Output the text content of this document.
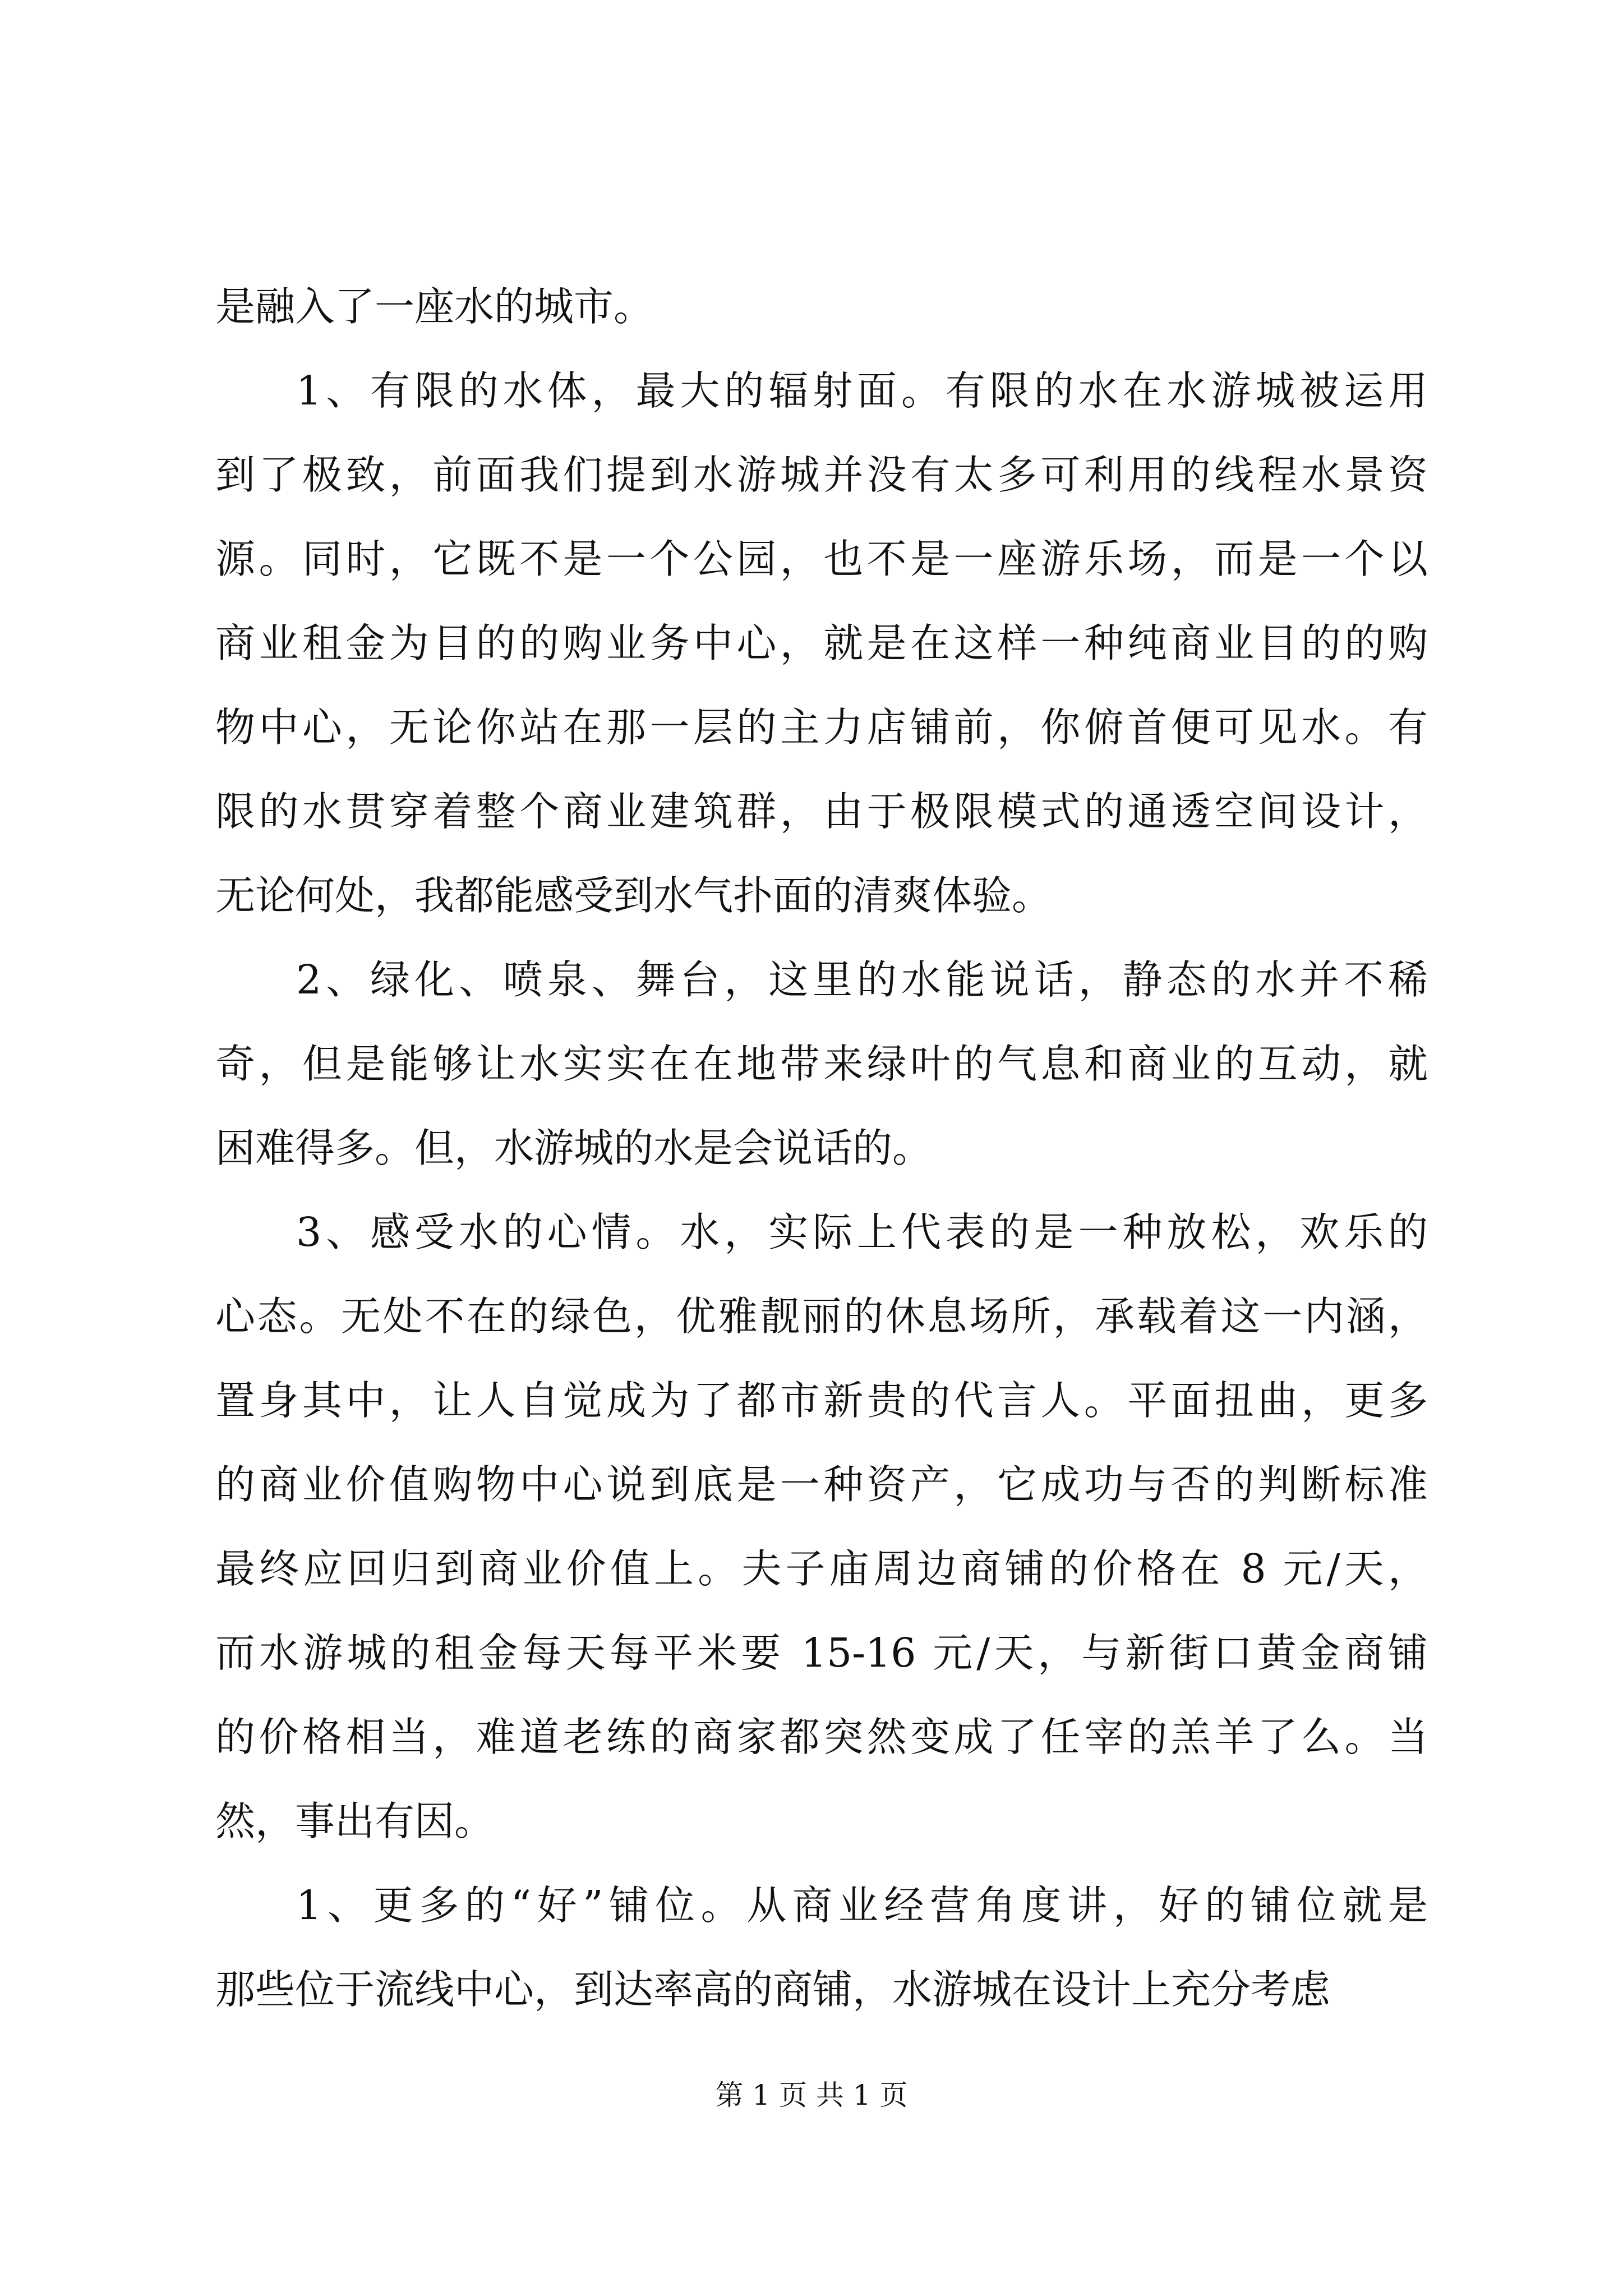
是融入了一座水的城市。
1、有限的水体，最大的辐射面。有限的水在水游城被运用
到了极致，前面我们提到水游城并没有太多可利用的线程水景资
源。同时，它既不是一个公园，也不是一座游乐场，而是一个以
商业租金为目的的购业务中心，就是在这样一种纯商业目的的购
物中心，无论你站在那一层的主力店铺前，你俯首便可见水。有
限的水贯穿着整个商业建筑群，由于极限模式的通透空间设计，
无论何处，我都能感受到水气扑面的清爽体验。
2、绿化、喷泉、舞台，这里的水能说话，静态的水并不稀
奇，但是能够让水实实在在地带来绿叶的气息和商业的互动，就
困难得多。但，水游城的水是会说话的。
3、感受水的心情。水，实际上代表的是一种放松，欢乐的
心态。无处不在的绿色，优雅靓丽的休息场所，承载着这一内涵，
置身其中，让人自觉成为了都市新贵的代言人。平面扭曲，更多
的商业价值购物中心说到底是一种资产，它成功与否的判断标准
最终应回归到商业价值上。夫子庙周边商铺的价格在 8 元/天，
而水游城的租金每天每平米要 15-16 元/天，与新街口黄金商铺
的价格相当，难道老练的商家都突然变成了任宰的羔羊了么。当
然，事出有因。
1、更多的“好”铺位。从商业经营角度讲，好的铺位就是
那些位于流线中心，到达率高的商铺，水游城在设计上充分考虑
第 1 页 共 1 页
